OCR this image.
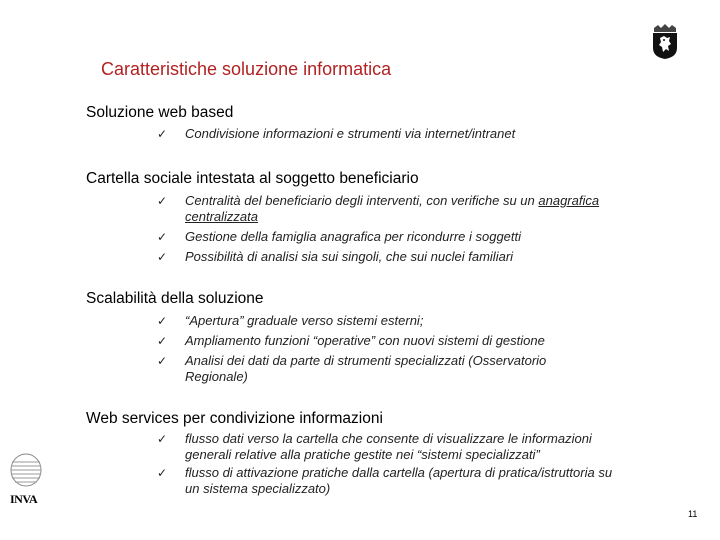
Caratteristiche soluzione informatica
Soluzione web based
✓ Condivisione informazioni e strumenti via internet/intranet
Cartella sociale intestata al soggetto beneficiario
✓ Centralità del beneficiario degli interventi, con verifiche su un anagrafica centralizzata
✓ Gestione della famiglia anagrafica per ricondurre i soggetti
✓ Possibilità di analisi sia sui singoli, che sui nuclei familiari
Scalabilità della soluzione
✓ “Apertura” graduale verso sistemi esterni;
✓ Ampliamento funzioni “operative” con nuovi sistemi di gestione
✓ Analisi dei dati da parte di strumenti specializzati (Osservatorio Regionale)
Web services per condivizione informazioni
✓ flusso dati verso la cartella che consente di visualizzare le informazioni generali relative alla pratiche gestite nei “sistemi specializzati”
✓ flusso di attivazione pratiche dalla cartella (apertura di pratica/istruttoria su un sistema specializzato)
INVA
11
